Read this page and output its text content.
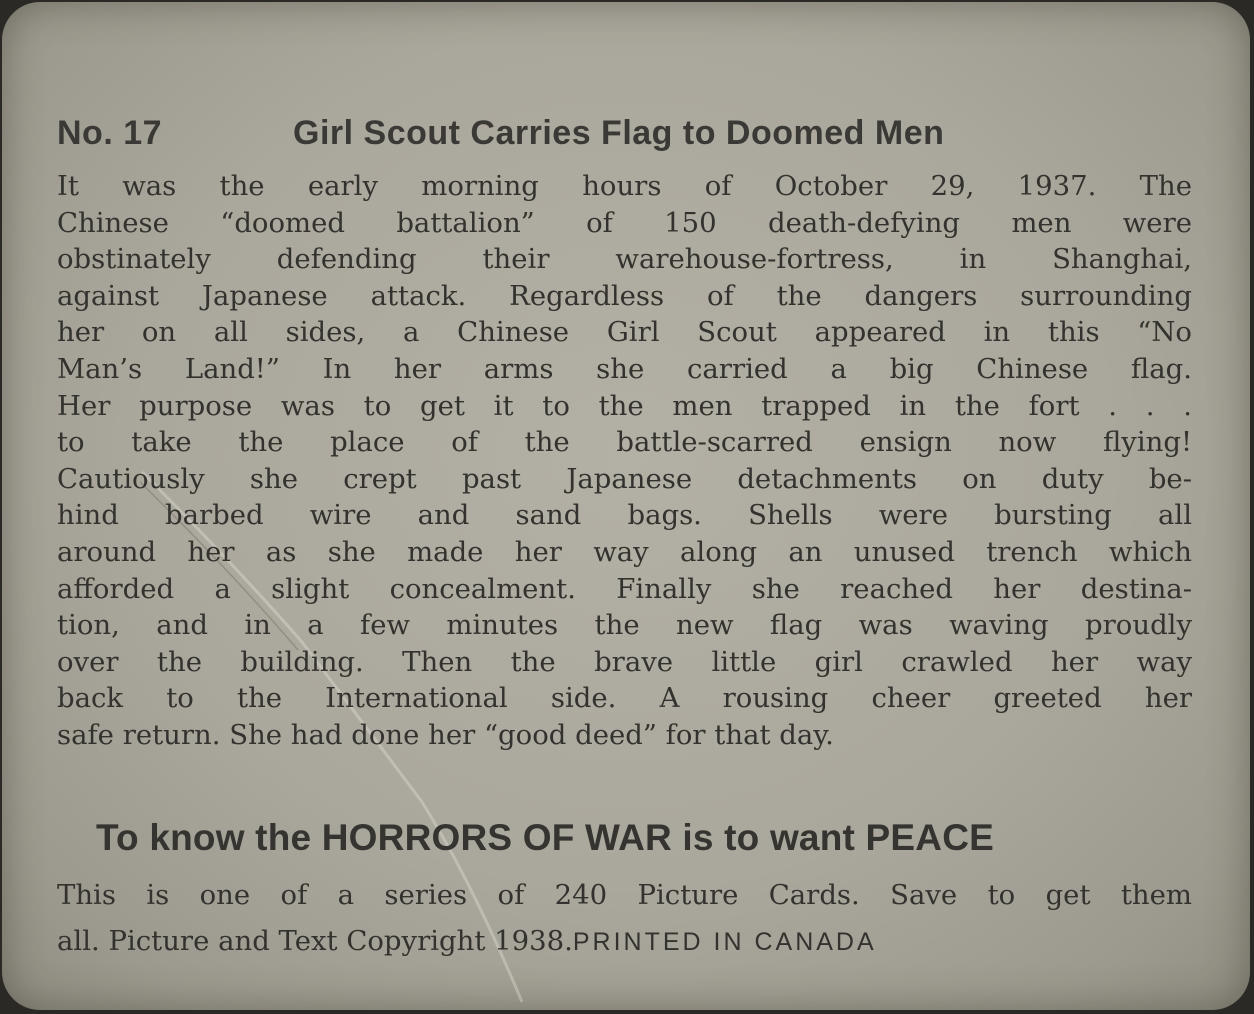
No. 17	Girl Scout Carries Flag to Doomed Men
It was the early morning hours of October 29, 1937. The
Chinese “doomed battalion” of 150 death-defying men were
obstinately defending their warehouse-fortress, in Shanghai,
against Japanese attack. Regardless of the dangers surrounding
her on all sides, a Chinese Girl Scout appeared in this “No
Man’s Land!” In her arms she carried a big Chinese flag.
Her purpose was to get it to the men trapped in the fort . . .
to take the place of the battle-scarred ensign now flying!
Cautiously she crept past Japanese detachments on duty be-
hind barbed wire and sand bags. Shells were bursting all
around her as she made her way along an unused trench which
afforded a slight concealment. Finally she reached her destina-
tion, and in a few minutes the new flag was waving proudly
over the building. Then the brave little girl crawled her way
back to the International side. A rousing cheer greeted her
safe return. She had done her “good deed” for that day.
To know the HORRORS OF WAR is to want PEACE
This is one of a series of 240 Picture Cards. Save to get them
all. Picture and Text Copyright 1938.PRINTED IN CANADA
